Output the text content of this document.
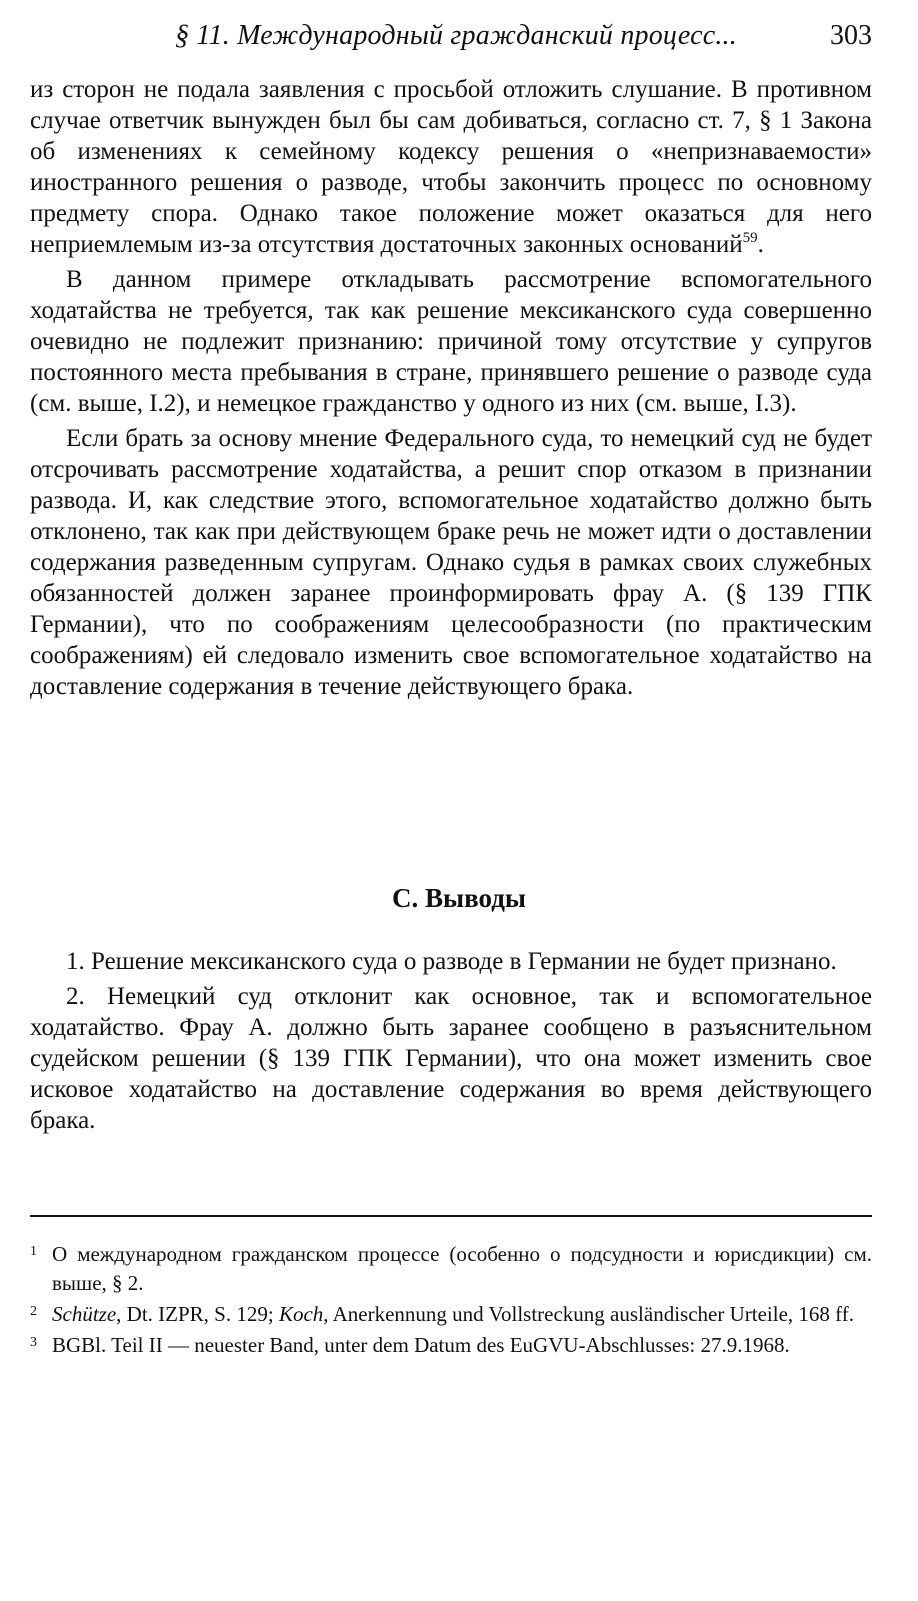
§ 11. Международный гражданский процесс...	303

из сторон не подала заявления с просьбой отложить слушание. В противном случае ответчик вынужден был бы сам добиваться, согласно ст. 7, § 1 Закона об изменениях к семейному кодексу решения о «непризнаваемости» иностранного решения о разводе, чтобы закончить процесс по основному предмету спора. Однако такое положение может оказаться для него неприемлемым из-за отсутствия достаточных законных оснований$^{59}$.

В данном примере откладывать рассмотрение вспомогательного ходатайства не требуется, так как решение мексиканского суда совершенно очевидно не подлежит признанию: причиной тому отсутствие у супругов постоянного места пребывания в стране, принявшего решение о разводе суда (см. выше, I.2), и немецкое гражданство у одного из них (см. выше, I.3).

Если брать за основу мнение Федерального суда, то немецкий суд не будет отсрочивать рассмотрение ходатайства, а решит спор отказом в признании развода. И, как следствие этого, вспомогательное ходатайство должно быть отклонено, так как при действующем браке речь не может идти о доставлении содержания разведенным супругам. Однако судья в рамках своих служебных обязанностей должен заранее проинформировать фрау А. (§ 139 ГПК Германии), что по соображениям целесообразности (по практическим соображениям) ей следовало изменить свое вспомогательное ходатайство на доставление содержания в течение действующего брака.

С. Выводы

1. Решение мексиканского суда о разводе в Германии не будет признано.

2. Немецкий суд отклонит как основное, так и вспомогательное ходатайство. Фрау А. должно быть заранее сообщено в разъяснительном судейском решении (§ 139 ГПК Германии), что она может изменить свое исковое ходатайство на доставление содержания во время действующего брака.

1 О международном гражданском процессе (особенно о подсудности и юрисдикции) см. выше, § 2.

2 Schütze, Dt. IZPR, S. 129; Koch, Anerkennung und Vollstreckung ausländischer Urteile, 168 ff.

3 BGBl. Teil II — neuester Band, unter dem Datum des EuGVU-Abschlusses: 27.9.1968.
